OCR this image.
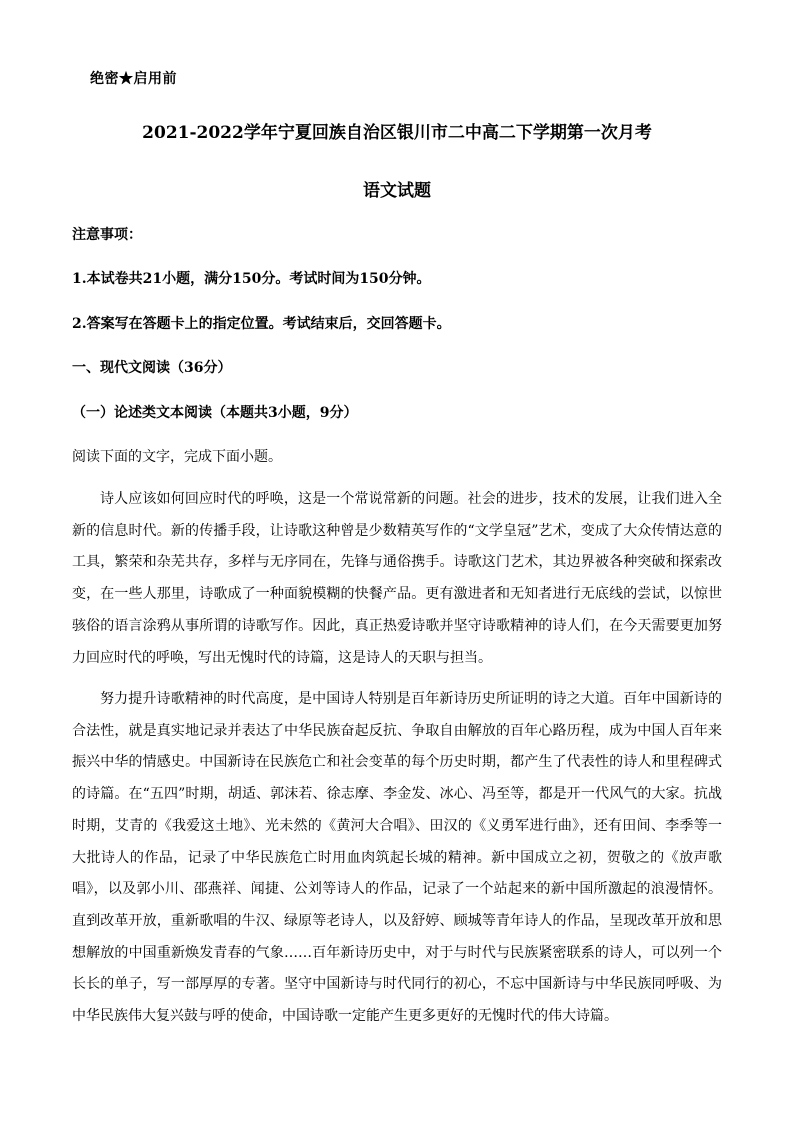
绝密★启用前
2021-2022学年宁夏回族自治区银川市二中高二下学期第一次月考
语文试题
注意事项：
1.本试卷共21小题，满分150分。考试时间为150分钟。
2.答案写在答题卡上的指定位置。考试结束后，交回答题卡。
一、现代文阅读（36分）
（一）论述类文本阅读（本题共3小题，9分）
阅读下面的文字，完成下面小题。

诗人应该如何回应时代的呼唤，这是一个常说常新的问题。社会的进步，技术的发展，让我们进入全新的信息时代。新的传播手段，让诗歌这种曾是少数精英写作的“文学皇冠”艺术，变成了大众传情达意的工具，繁荣和杂芜共存，多样与无序同在，先锋与通俗携手。诗歌这门艺术，其边界被各种突破和探索改变，在一些人那里，诗歌成了一种面貌模糊的快餐产品。更有激进者和无知者进行无底线的尝试，以惊世骇俗的语言涂鸦从事所谓的诗歌写作。因此，真正热爱诗歌并坚守诗歌精神的诗人们，在今天需要更加努力回应时代的呼唤，写出无愧时代的诗篇，这是诗人的天职与担当。

努力提升诗歌精神的时代高度，是中国诗人特别是百年新诗历史所证明的诗之大道。百年中国新诗的合法性，就是真实地记录并表达了中华民族奋起反抗、争取自由解放的百年心路历程，成为中国人百年来振兴中华的情感史。中国新诗在民族危亡和社会变革的每个历史时期，都产生了代表性的诗人和里程碑式的诗篇。在“五四”时期，胡适、郭沫若、徐志摩、李金发、冰心、冯至等，都是开一代风气的大家。抗战时期，艾青的《我爱这土地》、光未然的《黄河大合唱》、田汉的《义勇军进行曲》，还有田间、李季等一大批诗人的作品，记录了中华民族危亡时用血肉筑起长城的精神。新中国成立之初，贺敬之的《放声歌唱》，以及郭小川、邵燕祥、闻捷、公刘等诗人的作品，记录了一个站起来的新中国所激起的浪漫情怀。直到改革开放，重新歌唱的牛汉、绿原等老诗人，以及舒婷、顾城等青年诗人的作品，呈现改革开放和思想解放的中国重新焕发青春的气象……百年新诗历史中，对于与时代与民族紧密联系的诗人，可以列一个长长的单子，写一部厚厚的专著。坚守中国新诗与时代同行的初心，不忘中国新诗与中华民族同呼吸、为中华民族伟大复兴鼓与呼的使命，中国诗歌一定能产生更多更好的无愧时代的伟大诗篇。
